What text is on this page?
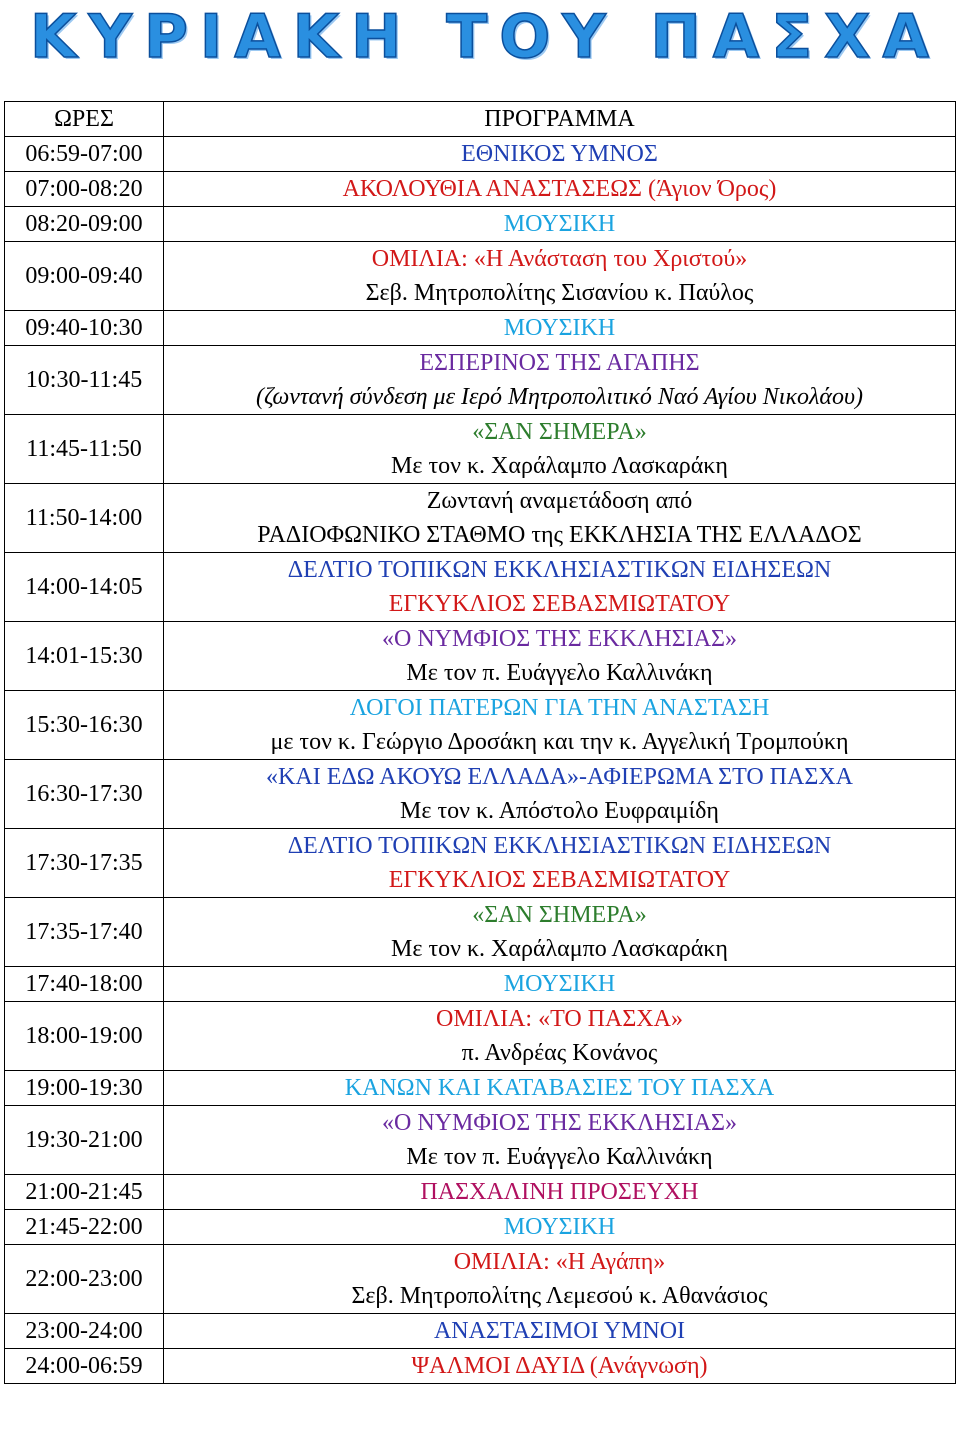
ΚΥΡΙΑΚΗ ΤΟΥ ΠΑΣΧΑ
ΩΡΕΣ	ΠΡΟΓΡΑΜΜΑ
06:59-07:00	ΕΘΝΙΚΟΣ ΥΜΝΟΣ

07:00-08:20	ΑΚΟΛΟΥΘΙΑ ΑΝΑΣΤΑΣΕΩΣ (Άγιον Όρος)

08:20-09:00	ΜΟΥΣΙΚΗ

09:00-09:40	ΟΜΙΛΙΑ: «Η Ανάσταση του Χριστού»
Σεβ. Μητροπολίτης Σισανίου κ. Παύλος

09:40-10:30	ΜΟΥΣΙΚΗ

10:30-11:45	ΕΣΠΕΡΙΝΟΣ ΤΗΣ ΑΓΑΠΗΣ
(ζωντανή σύνδεση με Ιερό Μητροπολιτικό Ναό Αγίου Νικολάου)

11:45-11:50	«ΣΑΝ ΣΗΜΕΡΑ»
Με τον κ. Χαράλαμπο Λασκαράκη

11:50-14:00	Ζωντανή αναμετάδοση από
ΡΑΔΙΟΦΩΝΙΚΟ ΣΤΑΘΜΟ της ΕΚΚΛΗΣΙΑ ΤΗΣ ΕΛΛΑΔΟΣ

14:00-14:05	ΔΕΛΤΙΟ ΤΟΠΙΚΩΝ ΕΚΚΛΗΣΙΑΣΤΙΚΩΝ ΕΙΔΗΣΕΩΝ
ΕΓΚΥΚΛΙΟΣ ΣΕΒΑΣΜΙΩΤΑΤΟΥ

14:01-15:30	«Ο ΝΥΜΦΙΟΣ ΤΗΣ ΕΚΚΛΗΣΙΑΣ»
Με τον π. Ευάγγελο Καλλινάκη

15:30-16:30	ΛΟΓΟΙ ΠΑΤΕΡΩΝ ΓΙΑ ΤΗΝ ΑΝΑΣΤΑΣΗ
με τον κ. Γεώργιο Δροσάκη και την κ. Αγγελική Τρομπούκη

16:30-17:30	«ΚΑΙ ΕΔΩ ΑΚΟΥΩ ΕΛΛΑΔΑ»-ΑΦΙΕΡΩΜΑ ΣΤΟ ΠΑΣΧΑ
Με τον κ. Απόστολο Ευφραιμίδη

17:30-17:35	ΔΕΛΤΙΟ ΤΟΠΙΚΩΝ ΕΚΚΛΗΣΙΑΣΤΙΚΩΝ ΕΙΔΗΣΕΩΝ
ΕΓΚΥΚΛΙΟΣ ΣΕΒΑΣΜΙΩΤΑΤΟΥ

17:35-17:40	«ΣΑΝ ΣΗΜΕΡΑ»
Με τον κ. Χαράλαμπο Λασκαράκη

17:40-18:00	ΜΟΥΣΙΚΗ

18:00-19:00	ΟΜΙΛΙΑ: «ΤΟ ΠΑΣΧΑ»
π. Ανδρέας Κονάνος

19:00-19:30	ΚΑΝΩΝ ΚΑΙ ΚΑΤΑΒΑΣΙΕΣ ΤΟΥ ΠΑΣΧΑ

19:30-21:00	«Ο ΝΥΜΦΙΟΣ ΤΗΣ ΕΚΚΛΗΣΙΑΣ»
Με τον π. Ευάγγελο Καλλινάκη

21:00-21:45	ΠΑΣΧΑΛΙΝΗ ΠΡΟΣΕΥΧΗ

21:45-22:00	ΜΟΥΣΙΚΗ

22:00-23:00	ΟΜΙΛΙΑ: «Η Αγάπη»
Σεβ. Μητροπολίτης Λεμεσού κ. Αθανάσιος

23:00-24:00	ΑΝΑΣΤΑΣΙΜΟΙ ΥΜΝΟΙ

24:00-06:59	ΨΑΛΜΟΙ ΔΑΥΙΔ (Ανάγνωση)
